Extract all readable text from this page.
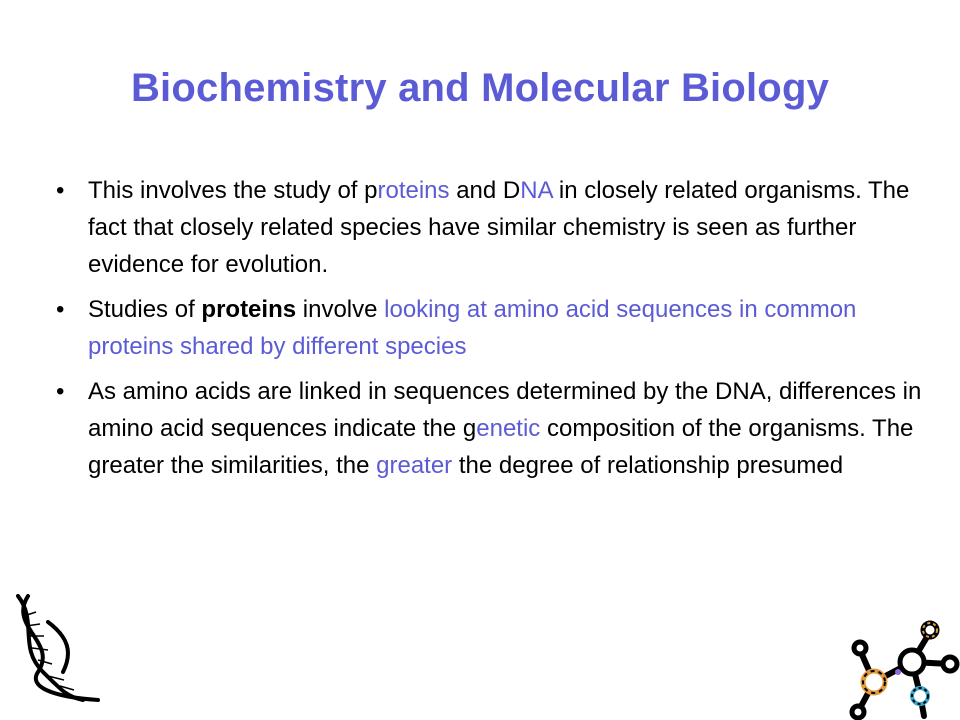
Biochemistry and Molecular Biology
• This involves the study of proteins and DNA in closely related organisms. The fact that closely related species have similar chemistry is seen as further evidence for evolution.
• Studies of proteins involve looking at amino acid sequences in common proteins shared by different species
• As amino acids are linked in sequences determined by the DNA, differences in amino acid sequences indicate the genetic composition of the organisms. The greater the similarities, the greater the degree of relationship presumed
